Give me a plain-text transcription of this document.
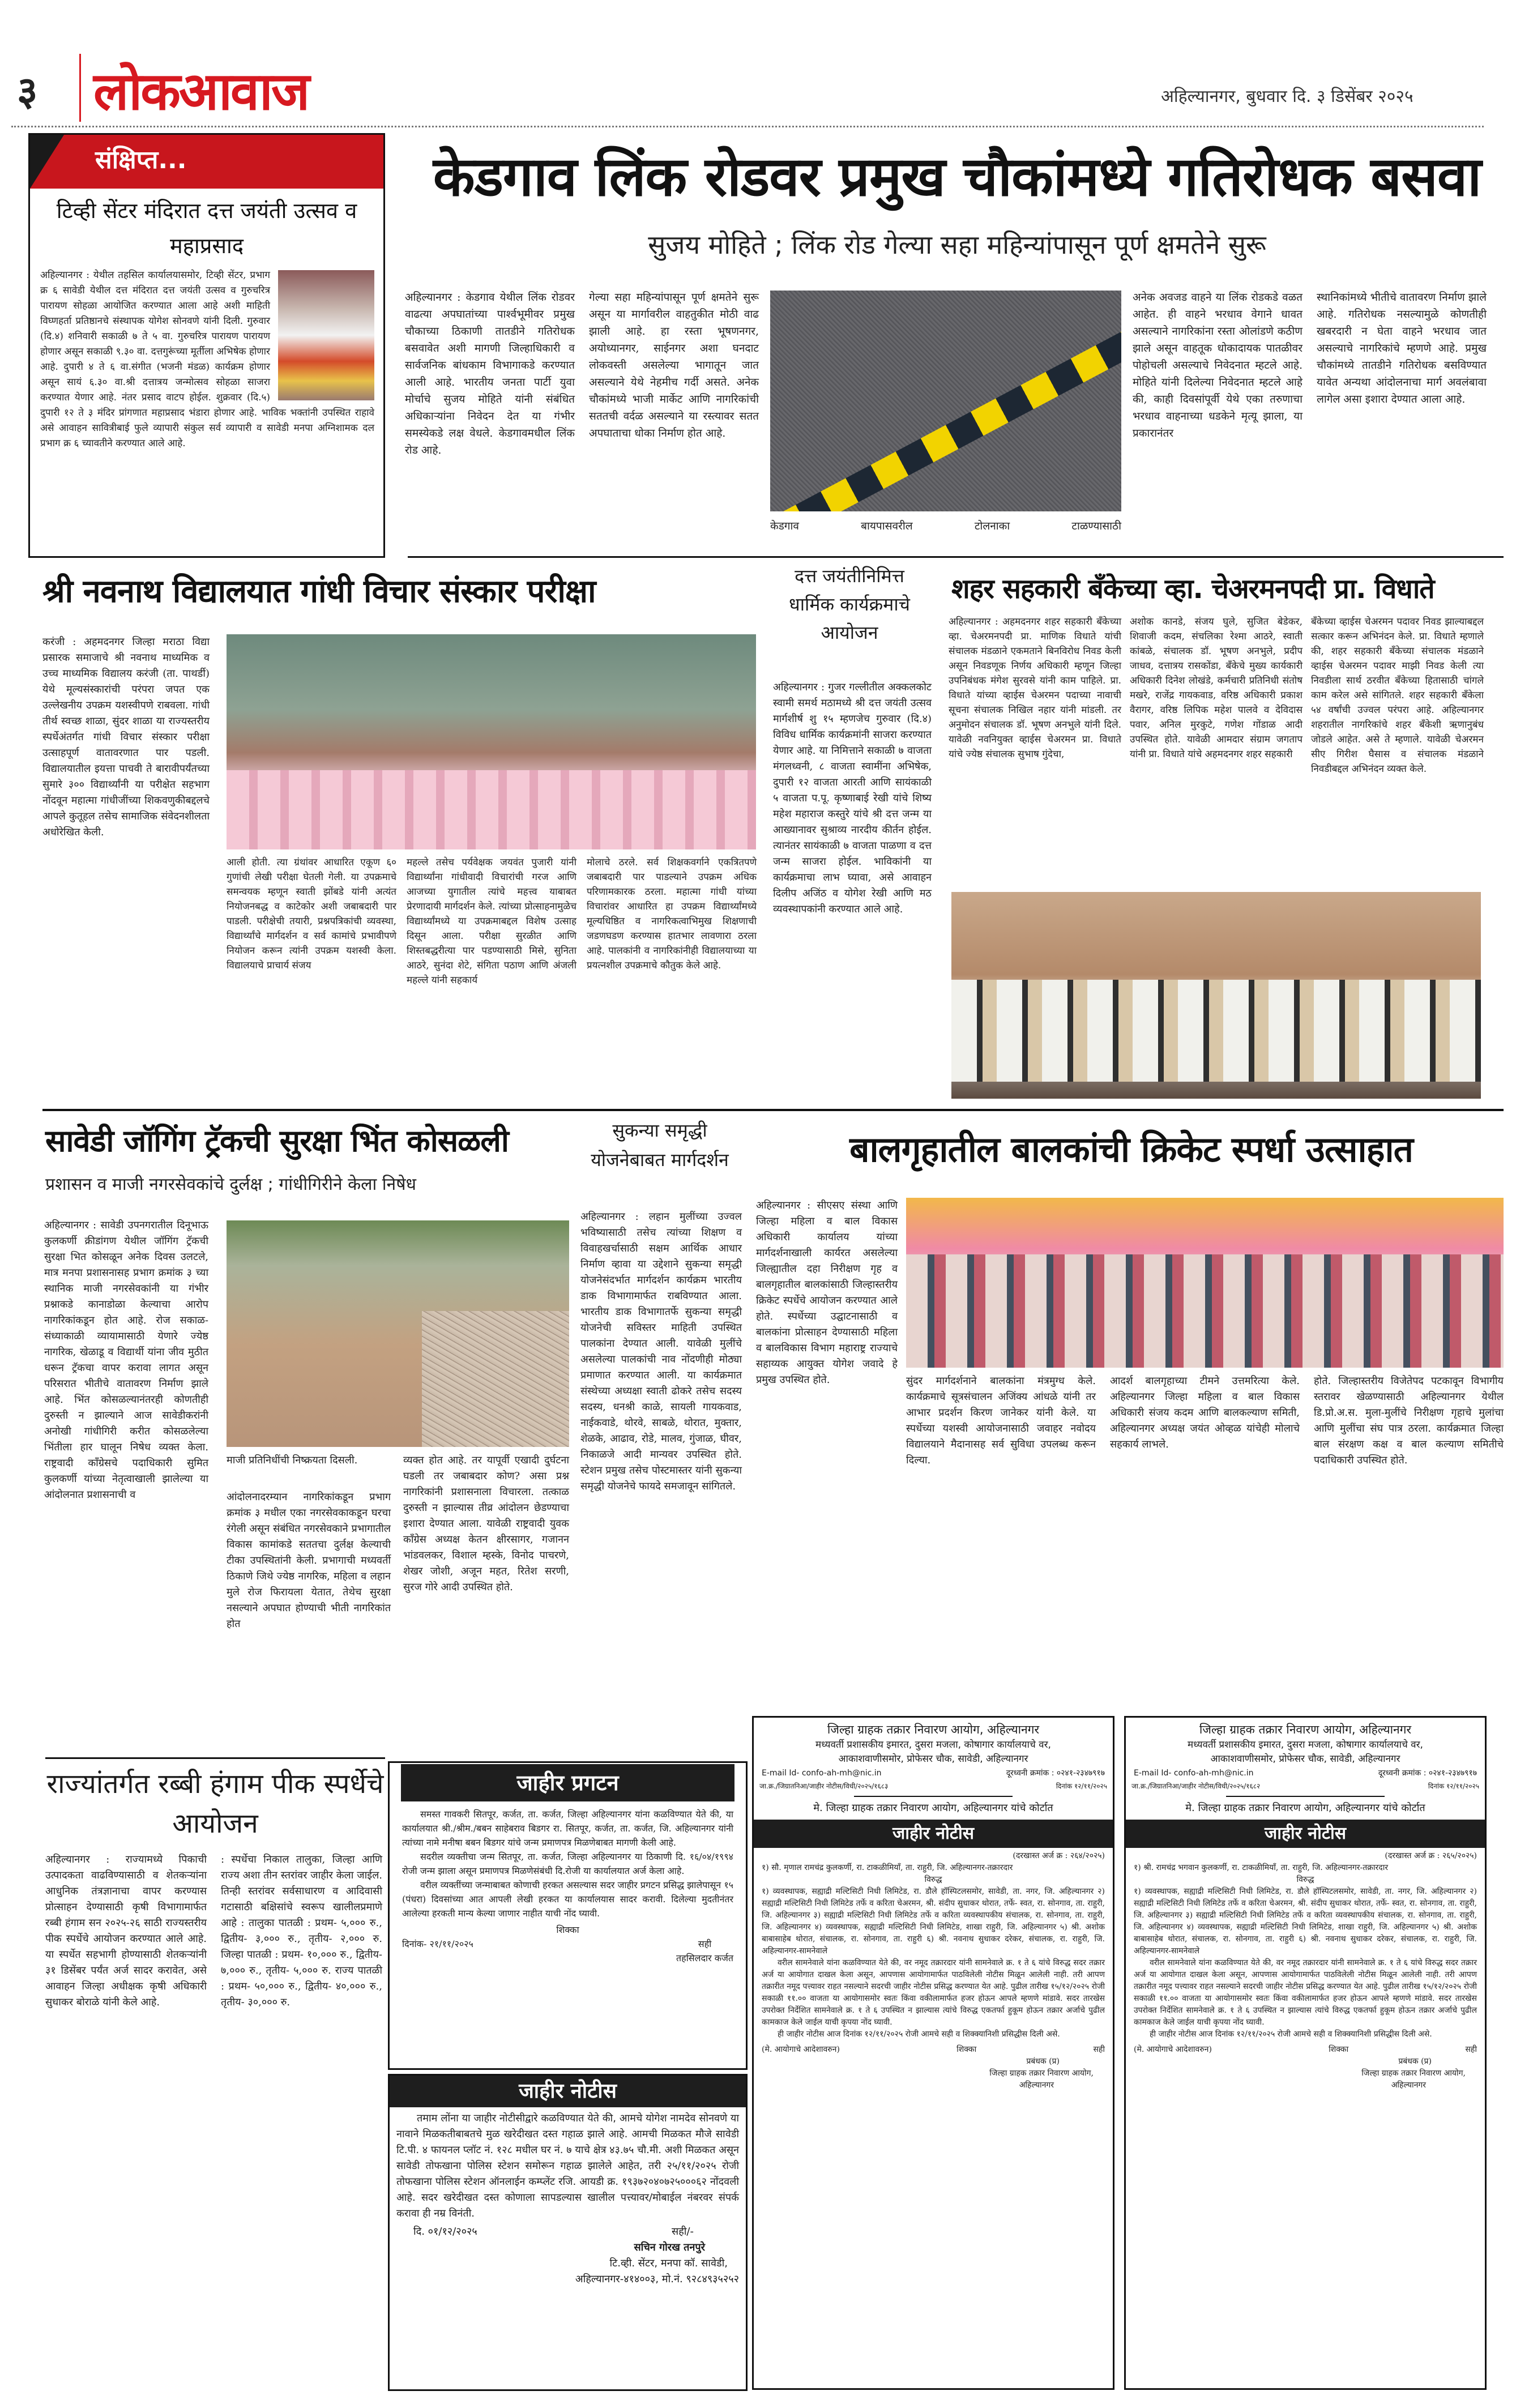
३ लोकआवाज	अहिल्यानगर, बुधवार दि. ३ डिसेंबर २०२५
संक्षिप्त...
टिव्ही सेंटर मंदिरात दत्त जयंती उत्सव व महाप्रसाद
अहिल्यानगर : येथील तहसिल कार्यालयासमोर, टिव्ही सेंटर, प्रभाग क्र ६ सावेडी येथील दत्त मंदिरात दत्त जयंती उत्सव व गुरुचरित्र पारायण सोहळा आयोजित करण्यात आला आहे अशी माहिती विघ्णहर्ता प्रतिष्ठानचे संस्थापक योगेश सोनवणे यांनी दिली. गुरुवार (दि.४) शनिवारी सकाळी ७ ते ५ वा. गुरुचरित्र पारायण पारायण होणार असून सकाळी ९.३० वा. दत्तगुरूंच्या मूर्तीला अभिषेक होणार आहे. दुपारी ४ ते ६ वा.संगीत (भजनी मंडळ) कार्यक्रम होणार असून सायं ६.३० वा.श्री दत्तात्रय जन्मोत्सव सोहळा साजरा करण्यात येणार आहे. नंतर प्रसाद वाटप होईल. शुक्रवार (दि.५) दुपारी १२ ते ३ मंदिर प्रांगणात महाप्रसाद भंडारा होणार आहे. भाविक भक्तांनी उपस्थित राहावे असे आवाहन सावित्रीबाई फुले व्यापारी संकुल सर्व व्यापारी व सावेडी मनपा अग्निशामक दल प्रभाग क्र ६ च्यावतीने करण्यात आले आहे.
केडगाव लिंक रोडवर प्रमुख चौकांमध्ये गतिरोधक बसवा
सुजय मोहिते ; लिंक रोड गेल्या सहा महिन्यांपासून पूर्ण क्षमतेने सुरू
अहिल्यानगर : केडगाव येथील लिंक रोडवर वाढत्या अपघातांच्या पार्श्वभूमीवर प्रमुख चौकाच्या ठिकाणी तातडीने गतिरोधक बसवावेत अशी मागणी जिल्हाधिकारी व सार्वजनिक बांधकाम विभागाकडे करण्यात आली आहे. भारतीय जनता पार्टी युवा मोर्चाचे सुजय मोहिते यांनी संबंधित अधिकाऱ्यांना निवेदन देत या गंभीर समस्येकडे लक्ष वेधले. केडगावमधील लिंक रोड आहे.
गेल्या सहा महिन्यांपासून पूर्ण क्षमतेने सुरू असून या मार्गावरील वाहतुकीत मोठी वाढ झाली आहे. हा रस्ता भूषणनगर, अयोध्यानगर, साईनगर अशा घनदाट लोकवस्ती असलेल्या भागातून जात असल्याने येथे नेहमीच गर्दी असते. अनेक चौकांमध्ये भाजी मार्केट आणि नागरिकांची सततची वर्दळ असल्याने या रस्त्यावर सतत अपघाताचा धोका निर्माण होत आहे.
केडगाव बायपासवरील टोलनाका टाळण्यासाठी
अनेक अवजड वाहने या लिंक रोडकडे वळत आहेत. ही वाहने भरधाव वेगाने धावत असल्याने नागरिकांना रस्ता ओलांडणे कठीण झाले असून वाहतूक धोकादायक पातळीवर पोहोचली असल्याचे निवेदनात म्हटले आहे. मोहिते यांनी दिलेल्या निवेदनात म्हटले आहे की, काही दिवसांपूर्वी येथे एका तरुणाचा भरधाव वाहनाच्या धडकेने मृत्यू झाला, या प्रकारानंतर
स्थानिकांमध्ये भीतीचे वातावरण निर्माण झाले आहे. गतिरोधक नसल्यामुळे कोणतीही खबरदारी न घेता वाहने भरधाव जात असल्याचे नागरिकांचे म्हणणे आहे. प्रमुख चौकांमध्ये तातडीने गतिरोधक बसविण्यात यावेत अन्यथा आंदोलनाचा मार्ग अवलंबावा लागेल असा इशारा देण्यात आला आहे.
श्री नवनाथ विद्यालयात गांधी विचार संस्कार परीक्षा
करंजी : अहमदनगर जिल्हा मराठा विद्या प्रसारक समाजाचे श्री नवनाथ माध्यमिक व उच्च माध्यमिक विद्यालय करंजी (ता. पाथर्डी) येथे मूल्यसंस्कारांची परंपरा जपत एक उल्लेखनीय उपक्रम यशस्वीपणे राबवला. गांधी तीर्थ स्वच्छ शाळा, सुंदर शाळा या राज्यस्तरीय स्पर्धेअंतर्गत गांधी विचार संस्कार परीक्षा उत्साहपूर्ण वातावरणात पार पडली. विद्यालयातील इयत्ता पाचवी ते बारावीपर्यंतच्या सुमारे ३०० विद्यार्थ्यांनी या परीक्षेत सहभाग नोंदवून महात्मा गांधीजींच्या शिकवणुकीबद्दलचे आपले कुतूहल तसेच सामाजिक संवेदनशीलता अधोरेखित केली.
आली होती. त्या ग्रंथांवर आधारित एकूण ६० गुणांची लेखी परीक्षा घेतली गेली. या उपक्रमाचे समन्वयक म्हणून स्वाती झोंबडे यांनी अत्यंत नियोजनबद्ध व काटेकोर अशी जबाबदारी पार पाडली. परीक्षेची तयारी, प्रश्नपत्रिकांची व्यवस्था, विद्यार्थ्यांचे मार्गदर्शन व सर्व कामांचे प्रभावीपणे नियोजन करून त्यांनी उपक्रम यशस्वी केला. विद्यालयाचे प्राचार्य संजय
महल्ले तसेच पर्यवेक्षक जयवंत पुजारी यांनी विद्यार्थ्यांना गांधीवादी विचारांची गरज आणि आजच्या युगातील त्यांचे महत्त्व याबाबत प्रेरणादायी मार्गदर्शन केले. त्यांच्या प्रोत्साहनामुळेच विद्यार्थ्यांमध्ये या उपक्रमाबद्दल विशेष उत्साह दिसून आला. परीक्षा सुरळीत आणि शिस्तबद्धरीत्या पार पडण्यासाठी मिसे, सुनिता आठरे, सुनंदा शेटे, संगिता पठाण आणि अंजली महल्ले यांनी सहकार्य
मोलाचे ठरले. सर्व शिक्षकवर्गाने एकत्रितपणे जबाबदारी पार पाडल्याने उपक्रम अधिक परिणामकारक ठरला. महात्मा गांधी यांच्या विचारांवर आधारित हा उपक्रम विद्यार्थ्यांमध्ये मूल्यधिष्ठित व नागरिकत्वाभिमुख शिक्षणाची जडणघडण करण्यास हातभार लावणारा ठरला आहे. पालकांनी व नागरिकांनीही विद्यालयाच्या या प्रयत्नशील उपक्रमाचे कौतुक केले आहे.
दत्त जयंतीनिमित्त धार्मिक कार्यक्रमाचे आयोजन
अहिल्यानगर : गुजर गल्लीतील अक्कलकोट स्वामी समर्थ मठामध्ये श्री दत्त जयंती उत्सव मार्गशीर्ष शु १५ म्हणजेच गुरुवार (दि.४) विविध धार्मिक कार्यक्रमांनी साजरा करण्यात येणार आहे. या निमित्ताने सकाळी ७ वाजता मंगलध्वनी, ८ वाजता स्वामींना अभिषेक, दुपारी १२ वाजता आरती आणि सायंकाळी ५ वाजता प.पू. कृष्णाबाई रेखी यांचे शिष्य महेश महाराज कस्तुरे यांचे श्री दत्त जन्म या आख्यानावर सुश्राव्य नारदीय कीर्तन होईल. त्यानंतर सायंकाळी ७ वाजता पाळणा व दत्त जन्म साजरा होईल. भाविकांनी या कार्यक्रमाचा लाभ घ्यावा, असे आवाहन दिलीप अजिंठ व योगेश रेखी आणि मठ व्यवस्थापकांनी करण्यात आले आहे.
शहर सहकारी बँकेच्या व्हा. चेअरमनपदी प्रा. विधाते
अहिल्यानगर : अहमदनगर शहर सहकारी बँकेच्या व्हा. चेअरमनपदी प्रा. माणिक विधाते यांची संचालक मंडळाने एकमताने बिनविरोध निवड केली असून निवडणूक निर्णय अधिकारी म्हणून जिल्हा उपनिबंधक मंगेश सुरवसे यांनी काम पाहिले. प्रा. विधाते यांच्या व्हाईस चेअरमन पदाच्या नावाची सूचना संचालक निखिल नहार यांनी मांडली. तर अनुमोदन संचालक डॉ. भूषण अनभुले यांनी दिले. यावेळी नवनियुक्त व्हाईस चेअरमन प्रा. विधाते यांचे ज्येष्ठ संचालक सुभाष गुंदेचा,
अशोक कानडे, संजय घुले, सुजित बेडेकर, शिवाजी कदम, संचलिका रेश्मा आठरे, स्वाती कांबळे, संचालक डॉ. भूषण अनभुले, प्रदीप जाधव, दत्तात्रय रासकोंडा, बँकेचे मुख्य कार्यकारी अधिकारी दिनेश लोखंडे, कर्मचारी प्रतिनिधी संतोष मखरे, राजेंद्र गायकवाड, वरिष्ठ अधिकारी प्रकाश वैरागर, वरिष्ठ लिपिक महेश पालवे व देविदास पवार, अनिल मुरकुटे, गणेश गोंडाळ आदी उपस्थित होते. यावेळी आमदार संग्राम जगताप यांनी प्रा. विधाते यांचे अहमदनगर शहर सहकारी
बँकेच्या व्हाईस चेअरमन पदावर निवड झाल्याबद्दल सत्कार करून अभिनंदन केले. प्रा. विधाते म्हणाले की, शहर सहकारी बँकेच्या संचालक मंडळाने व्हाईस चेअरमन पदावर माझी निवड केली त्या निवडीला सार्थ ठरवीत बँकेच्या हितासाठी चांगले काम करेल असे सांगितले. शहर सहकारी बँकेला ५४ वर्षांची उज्वल परंपरा आहे. अहिल्यानगर शहरातील नागरिकांचे शहर बँकेशी ऋणानुबंध जोडले आहेत. असे ते म्हणाले. यावेळी चेअरमन सीए गिरीश घैसास व संचालक मंडळाने निवडीबद्दल अभिनंदन व्यक्त केले.
सावेडी जॉगिंग ट्रॅकची सुरक्षा भिंत कोसळली
प्रशासन व माजी नगरसेवकांचे दुर्लक्ष ; गांधीगिरीने केला निषेध
अहिल्यानगर : सावेडी उपनगरातील दिनूभाऊ कुलकर्णी क्रीडांगण येथील जॉगिंग ट्रॅकची सुरक्षा भित कोसळून अनेक दिवस उलटले, मात्र मनपा प्रशासनासह प्रभाग क्रमांक ३ च्या स्थानिक माजी नगरसेवकांनी या गंभीर प्रश्नाकडे कानाडोळा केल्याचा आरोप नागरिकांकडून होत आहे. रोज सकाळ-संध्याकाळी व्यायामासाठी येणारे ज्येष्ठ नागरिक, खेळाडू व विद्यार्थी यांना जीव मुठीत धरून ट्रॅकचा वापर करावा लागत असून परिसरात भीतीचे वातावरण निर्माण झाले आहे. भिंत कोसळल्यानंतरही कोणतीही दुरुस्ती न झाल्याने आज सावेडीकरांनी अनोखी गांधीगिरी करीत कोसळलेल्या भिंतीला हार घालून निषेध व्यक्त केला. राष्ट्रवादी काँग्रेसचे पदाधिकारी सुमित कुलकर्णी यांच्या नेतृत्वाखाली झालेल्या या आंदोलनात प्रशासनाची व
माजी प्रतिनिधींची निष्क्रयता दिसली.
आंदोलनादरम्यान नागरिकांकडून प्रभाग क्रमांक ३ मधील एका नगरसेवकाकडून घरचा रंगेली असून संबंधित नगरसेवकाने प्रभागातील विकास कामांकडे सततचा दुर्लक्ष केल्याची टीका उपस्थितांनी केली. प्रभागाची मध्यवर्ती ठिकाणे जिथे ज्येष्ठ नागरिक, महिला व लहान मुले रोज फिरायला येतात, तेथेच सुरक्षा नसल्याने अपघात होण्याची भीती नागरिकांत होत
व्यक्त होत आहे. तर यापूर्वी एखादी दुर्घटना घडली तर जबाबदार कोण? असा प्रश्न नागरिकांनी प्रशासनाला विचारला. तत्काळ दुरुस्ती न झाल्यास तीव्र आंदोलन छेडण्याचा इशारा देण्यात आला. यावेळी राष्ट्रवादी युवक कॉंग्रेस अध्यक्ष केतन क्षीरसागर, गजानन भांडवलकर, विशाल म्हस्के, विनोद पाचरणे, शेखर जोशी, अजून महत, रितेश सरणी, सुरज गोरे आदी उपस्थित होते.
सुकन्या समृद्धी योजनेबाबत मार्गदर्शन
अहिल्यानगर : लहान मुलींच्या उज्वल भविष्यासाठी तसेच त्यांच्या शिक्षण व विवाहखर्चासाठी सक्षम आर्थिक आधार निर्माण व्हावा या उद्देशाने सुकन्या समृद्धी योजनेसंदर्भात मार्गदर्शन कार्यक्रम भारतीय डाक विभागामार्फत राबविण्यात आला. भारतीय डाक विभागातर्फे सुकन्या समृद्धी योजनेची सविस्तर माहिती उपस्थित पालकांना देण्यात आली. यावेळी मुलींचे असलेल्या पालकांची नाव नोंदणीही मोठ्या प्रमाणात करण्यात आली. या कार्यक्रमात संस्थेच्या अध्यक्षा स्वाती ढोकरे तसेच सदस्य सदस्य, धनश्री काळे, सायली गायकवाड, नाईकवाडे, थोरवे, साबळे, थोरात, मुक्तार, शेळके, आढाव, रोडे, मालव, गुंजाळ, घीवर, निकाळजे आदी मान्यवर उपस्थित होते. स्टेशन प्रमुख तसेच पोस्टमास्तर यांनी सुकन्या समृद्धी योजनेचे फायदे समजावून सांगितले.
बालगृहातील बालकांची क्रिकेट स्पर्धा उत्साहात
अहिल्यानगर : सीएसए संस्था आणि जिल्हा महिला व बाल विकास अधिकारी कार्यालय यांच्या मार्गदर्शनाखाली कार्यरत असलेल्या जिल्ह्यातील दहा निरीक्षण गृह व बालगृहातील बालकांसाठी जिल्हास्तरीय क्रिकेट स्पर्धेचे आयोजन करण्यात आले होते. स्पर्धेच्या उद्घाटनासाठी व बालकांना प्रोत्साहन देण्यासाठी महिला व बालविकास विभाग महाराष्ट्र राज्याचे सहाय्यक आयुक्त योगेश जवादे हे प्रमुख उपस्थित होते.	सुंदर मार्गदर्शनाने बालकांना मंत्रमुग्ध केले. कार्यक्रमाचे सूत्रसंचालन अजिंक्य आंधळे यांनी तर आभार प्रदर्शन किरण जानेकर यांनी केले. या स्पर्धेच्या यशस्वी आयोजनासाठी जवाहर नवोदय विद्यालयाने मैदानासह सर्व सुविधा उपलब्ध करून दिल्या.
आदर्श बालगृहाच्या टीमने उत्तमरित्या केले. अहिल्यानगर जिल्हा महिला व बाल विकास अधिकारी संजय कदम आणि बालकल्याण समिती, अहिल्यानगर अध्यक्ष जयंत ओव्हळ यांचेही मोलाचे सहकार्य लाभले.
होते. जिल्हास्तरीय विजेतेपद पटकावून विभागीय स्तरावर खेळण्यासाठी अहिल्यानगर येथील डि.प्रो.अ.स. मुला-मुलींचे निरीक्षण गृहाचे मुलांचा आणि मुलींचा संघ पात्र ठरला. कार्यक्रमात जिल्हा बाल संरक्षण कक्ष व बाल कल्याण समितीचे पदाधिकारी उपस्थित होते.
राज्यांतर्गत रब्बी हंगाम पीक स्पर्धेचे आयोजन
अहिल्यानगर : राज्यामध्ये पिकाची उत्पादकता वाढविण्यासाठी व शेतकऱ्यांना आधुनिक तंत्रज्ञानाचा वापर करण्यास प्रोत्साहन देण्यासाठी कृषी विभागामार्फत रब्बी हंगाम सन २०२५-२६ साठी राज्यस्तरीय पीक स्पर्धेचे आयोजन करण्यात आले आहे. या स्पर्धेत सहभागी होण्यासाठी शेतकऱ्यांनी ३१ डिसेंबर पर्यंत अर्ज सादर करावेत, असे आवाहन जिल्हा अधीक्षक कृषी अधिकारी सुधाकर बोराळे यांनी केले आहे.
: स्पर्धेचा निकाल तालुका, जिल्हा आणि राज्य अशा तीन स्तरांवर जाहीर केला जाईल. तिन्ही स्तरांवर सर्वसाधारण व आदिवासी गटासाठी बक्षिसांचे स्वरूप खालीलप्रमाणे आहे : तालुका पातळी : प्रथम- ५,००० रु., द्वितीय- ३,००० रु., तृतीय- २,००० रु. जिल्हा पातळी : प्रथम- १०,००० रु., द्वितीय- ७,००० रु., तृतीय- ५,००० रु. राज्य पातळी : प्रथम- ५०,००० रु., द्वितीय- ४०,००० रु., तृतीय- ३०,००० रु.
जाहीर प्रगटन

समस्त गावकरी सितपूर, कर्जत, ता. कर्जत, जिल्हा अहिल्यानगर यांना कळविण्यात येते की, या कार्यालयात श्री./श्रीम./बबन साहेबराव बिडगर रा. सितपूर, कर्जत, ता. कर्जत, जि. अहिल्यानगर यांनी त्यांच्या नामे मनीषा बबन बिडगर यांचे जन्म प्रमाणपत्र मिळणेबाबत मागणी केली आहे.

सदरील व्यक्तीचा जन्म सितपूर, ता. कर्जत, जिल्हा अहिल्यानगर या ठिकाणी दि. १६/०४/१९९४ रोजी जन्म झाला असून प्रमाणपत्र मिळणेसंबंधी दि.रोजी या कार्यालयात अर्ज केला आहे.

वरील व्यक्तींच्या जन्माबाबत कोणाची हरकत असल्यास सदर जाहीर प्रगटन प्रसिद्ध झालेपासून १५ (पंधरा) दिवसांच्या आत आपली लेखी हरकत या कार्यालयास सादर करावी. दिलेल्या मुदतीनंतर आलेल्या हरकती मान्य केल्या जाणार नाहीत याची नोंद घ्यावी.

शिक्का
दिनांक- २१/११/२०२५	सही
तहसिलदार कर्जत
जाहीर नोटीस
तमाम लोंना या जाहीर नोटीसीद्वारे कळविण्यात येते की, आमचे योगेश नामदेव सोनवणे या नावाने मिळकतीबाबतचे मुळ खरेदीखत दस्त गहाळ झाले आहे. आमची मिळकत मौजे सावेडी टि.पी. ४ फायनल प्लॉट नं. १२८ मधील घर नं. ७ याचे क्षेत्र ४३.७५ चौ.मी. अशी मिळकत असून सावेडी तोफखाना पोलिस स्टेशन समोरून गहाळ झालेले आहेत, तरी २५/११/२०२५ रोजी तोफखाना पोलिस स्टेशन ऑनलाईन कम्प्लेंट रजि. आयडी क्र. १९३७२०४०७२५०००६२ नोंदवली आहे. सदर खरेदीखत दस्त कोणाला सापडल्यास खालील पत्त्यावर/मोबाईल नंबरवर संपर्क करावा ही नम्र विनंती.
दि. ०१/१२/२०२५	सही/-
सचिन गोरख तनपुरे
टि.व्ही. सेंटर, मनपा कॉ. सावेडी,
अहिल्यानगर-४१४००३, मो.नं. ९२८४९३५२५२
जिल्हा ग्राहक तक्रार निवारण आयोग, अहिल्यानगर
मध्यवर्ती प्रशासकीय इमारत, दुसरा मजला, कोषागार कार्यालयाचे वर,
आकाशवाणीसमोर, प्रोफेसर चौक, सावेडी, अहिल्यानगर
E-mail Id- confo-ah-mh@nic.in	दूरध्वनी क्रमांक : ०२४१-२३४७९१७
जा.क्र./जिग्रातनिआ/जाहीर नोटीस/विधी/२०२५/१६८३	दिनांक १२/११/२०२५
मे. जिल्हा ग्राहक तक्रार निवारण आयोग, अहिल्यानगर यांचे कोर्टात
जाहीर नोटीस
(दरखास्त अर्ज क्र : २६४/२०२५)
१) सौ. मृणाल रामचंद्र कुलकर्णी, रा. टाकळीमियाँ, ता. राहुरी, जि. अहिल्यानगर-तक्रारदार
विरुद्ध
१) व्यवस्थापक, सह्याद्री मल्टिसिटी निधी लिमिटेड, रा. डौले हॉस्पिटलसमोर, सावेडी, ता. नगर, जि. अहिल्यानगर २) सह्याद्री मल्टिसिटी निधी लिमिटेड तर्फे व करिता चेअरमन, श्री. संदीप सुधाकर थोरात, तर्फे- स्वत, रा. सोनगाव, ता. राहुरी, जि. अहिल्यानगर ३) सह्याद्री मल्टिसिटी निधी लिमिटेड तर्फे व करिता व्यवस्थापकीय संचालक, रा. सोनगाव, ता. राहुरी, जि. अहिल्यानगर ४) व्यवस्थापक, सह्याद्री मल्टिसिटी निधी लिमिटेड, शाखा राहुरी, जि. अहिल्यानगर ५) श्री. अशोक बाबासाहेब थोरात, संचालक, रा. सोनगाव, ता. राहुरी ६) श्री. नवनाथ सुधाकर दरेकर, संचालक, रा. राहुरी, जि. अहिल्यानगर-सामनेवाले
वरील सामनेवाले यांना कळविण्यात येते की, वर नमूद तक्रारदार यांनी सामनेवाले क्र. १ ते ६ यांचे विरुद्ध सदर तक्रार अर्ज या आयोगात दाखल केला असून, आपणास आयोगामार्फत पाठविलेली नोटीस मिळून आलेली नाही. तरी आपण तक्रारीत नमूद पत्त्यावर राहत नसल्याने सदरची जाहीर नोटीस प्रसिद्ध करण्यात येत आहे. पुढील तारीख १५/१२/२०२५ रोजी सकाळी ११.०० वाजता या आयोगासमोर स्वतः किंवा वकीलामार्फत हजर होऊन आपले म्हणणे मांडावे. सदर तारखेस उपरोक्त निर्देशित सामनेवाले क्र. १ ते ६ उपस्थित न झाल्यास त्यांचे विरुद्ध एकतर्फा हुकूम होऊन तक्रार अर्जाचे पुढील कामकाज केले जाईल याची कृपया नोंद घ्यावी.
ही जाहीर नोटीस आज दिनांक १२/११/२०२५ रोजी आमचे सही व शिक्क्यानिशी प्रसिद्धीस दिली असे.
(मे. आयोगाचे आदेशावरुन)	शिक्का	सही
प्रबंधक (प्र)
जिल्हा ग्राहक तक्रार निवारण आयोग,
अहिल्यानगर
जिल्हा ग्राहक तक्रार निवारण आयोग, अहिल्यानगर
मध्यवर्ती प्रशासकीय इमारत, दुसरा मजला, कोषागार कार्यालयाचे वर,
आकाशवाणीसमोर, प्रोफेसर चौक, सावेडी, अहिल्यानगर
E-mail Id- confo-ah-mh@nic.in	दूरध्वनी क्रमांक : ०२४१-२३४७९१७
जा.क्र./जिग्रातनिआ/जाहीर नोटीस/विधी/२०२५/१६८२	दिनांक १२/११/२०२५
मे. जिल्हा ग्राहक तक्रार निवारण आयोग, अहिल्यानगर यांचे कोर्टात
जाहीर नोटीस
(दरखास्त अर्ज क्र : २६५/२०२५)
१) श्री. रामचंद्र भगवान कुलकर्णी, रा. टाकळीमियाँ, ता. राहुरी, जि. अहिल्यानगर-तक्रारदार
विरुद्ध
१) व्यवस्थापक, सह्याद्री मल्टिसिटी निधी लिमिटेड, रा. डौले हॉस्पिटलसमोर, सावेडी, ता. नगर, जि. अहिल्यानगर २) सह्याद्री मल्टिसिटी निधी लिमिटेड तर्फे व करिता चेअरमन, श्री. संदीप सुधाकर थोरात, तर्फे- स्वत, रा. सोनगाव, ता. राहुरी, जि. अहिल्यानगर ३) सह्याद्री मल्टिसिटी निधी लिमिटेड तर्फे व करिता व्यवस्थापकीय संचालक, रा. सोनगाव, ता. राहुरी, जि. अहिल्यानगर ४) व्यवस्थापक, सह्याद्री मल्टिसिटी निधी लिमिटेड, शाखा राहुरी, जि. अहिल्यानगर ५) श्री. अशोक बाबासाहेब थोरात, संचालक, रा. सोनगाव, ता. राहुरी ६) श्री. नवनाथ सुधाकर दरेकर, संचालक, रा. राहुरी, जि. अहिल्यानगर-सामनेवाले
वरील सामनेवाले यांना कळविण्यात येते की, वर नमूद तक्रारदार यांनी सामनेवाले क्र. १ ते ६ यांचे विरुद्ध सदर तक्रार अर्ज या आयोगात दाखल केला असून, आपणास आयोगामार्फत पाठविलेली नोटीस मिळून आलेली नाही. तरी आपण तक्रारीत नमूद पत्त्यावर राहत नसल्याने सदरची जाहीर नोटीस प्रसिद्ध करण्यात येत आहे. पुढील तारीख १५/१२/२०२५ रोजी सकाळी ११.०० वाजता या आयोगासमोर स्वतः किंवा वकीलामार्फत हजर होऊन आपले म्हणणे मांडावे. सदर तारखेस उपरोक्त निर्देशित सामनेवाले क्र. १ ते ६ उपस्थित न झाल्यास त्यांचे विरुद्ध एकतर्फा हुकूम होऊन तक्रार अर्जाचे पुढील कामकाज केले जाईल याची कृपया नोंद घ्यावी.
ही जाहीर नोटीस आज दिनांक १२/११/२०२५ रोजी आमचे सही व शिक्क्यानिशी प्रसिद्धीस दिली असे.
(मे. आयोगाचे आदेशावरुन)	शिक्का	सही
प्रबंधक (प्र)
जिल्हा ग्राहक तक्रार निवारण आयोग,
अहिल्यानगर
